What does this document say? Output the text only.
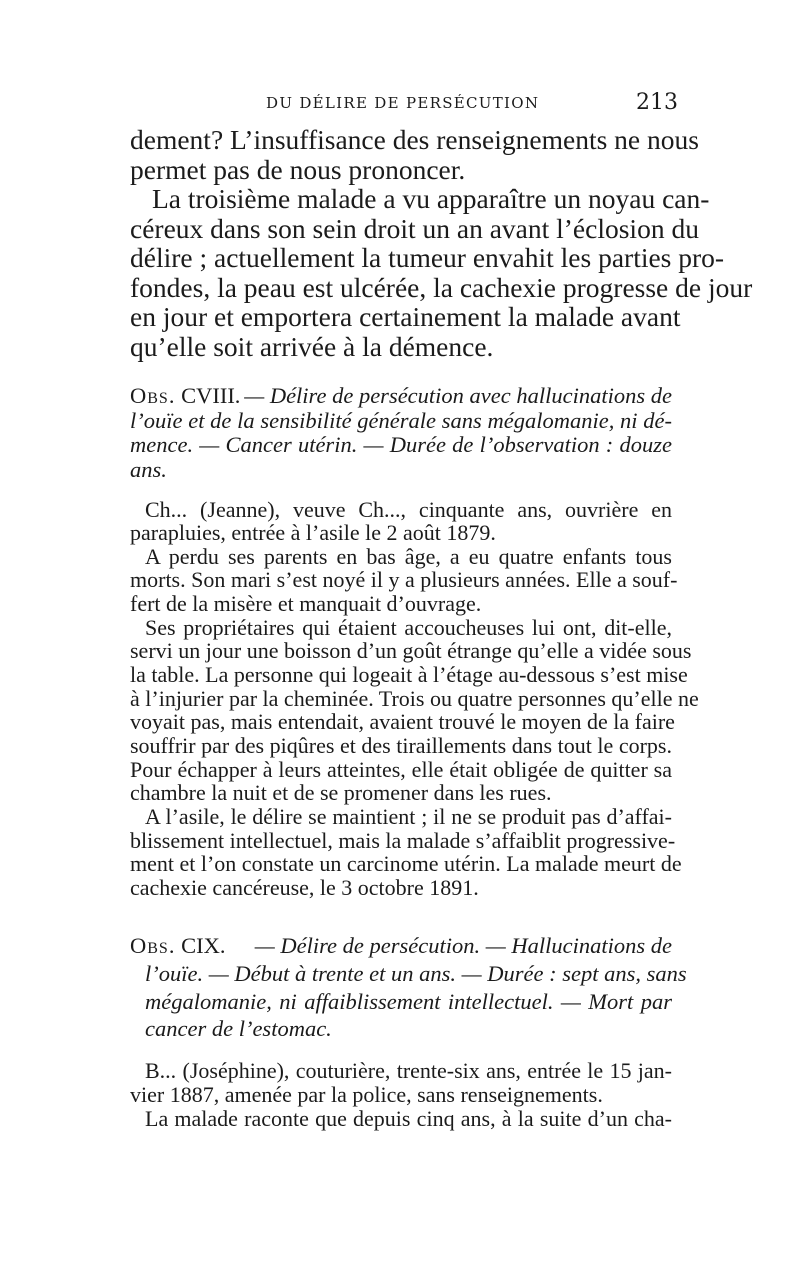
DU DÉLIRE DE PERSÉCUTION	213
dement? L’insuffisance des renseignements ne nous
permet pas de nous prononcer.
La troisième malade a vu apparaître un noyau can-
céreux dans son sein droit un an avant l’éclosion du
délire ; actuellement la tumeur envahit les parties pro-
fondes, la peau est ulcérée, la cachexie progresse de jour
en jour et emportera certainement la malade avant
qu’elle soit arrivée à la démence.
Obs. CVIII. — Délire de persécution avec hallucinations de
l’ouïe et de la sensibilité générale sans mégalomanie, ni dé-
mence. — Cancer utérin. — Durée de l’observation : douze
ans.
Ch... (Jeanne), veuve Ch..., cinquante ans, ouvrière en
parapluies, entrée à l’asile le 2 août 1879.
A perdu ses parents en bas âge, a eu quatre enfants tous
morts. Son mari s’est noyé il y a plusieurs années. Elle a souf-
fert de la misère et manquait d’ouvrage.
Ses propriétaires qui étaient accoucheuses lui ont, dit-elle,
servi un jour une boisson d’un goût étrange qu’elle a vidée sous
la table. La personne qui logeait à l’étage au-dessous s’est mise
à l’injurier par la cheminée. Trois ou quatre personnes qu’elle ne
voyait pas, mais entendait, avaient trouvé le moyen de la faire
souffrir par des piqûres et des tiraillements dans tout le corps.
Pour échapper à leurs atteintes, elle était obligée de quitter sa
chambre la nuit et de se promener dans les rues.
A l’asile, le délire se maintient ; il ne se produit pas d’affai-
blissement intellectuel, mais la malade s’affaiblit progressive-
ment et l’on constate un carcinome utérin. La malade meurt de
cachexie cancéreuse, le 3 octobre 1891.
Obs. CIX. — Délire de persécution. — Hallucinations de
l’ouïe. — Début à trente et un ans. — Durée : sept ans, sans
mégalomanie, ni affaiblissement intellectuel. — Mort par
cancer de l’estomac.
B... (Joséphine), couturière, trente-six ans, entrée le 15 jan-
vier 1887, amenée par la police, sans renseignements.
La malade raconte que depuis cinq ans, à la suite d’un cha-
